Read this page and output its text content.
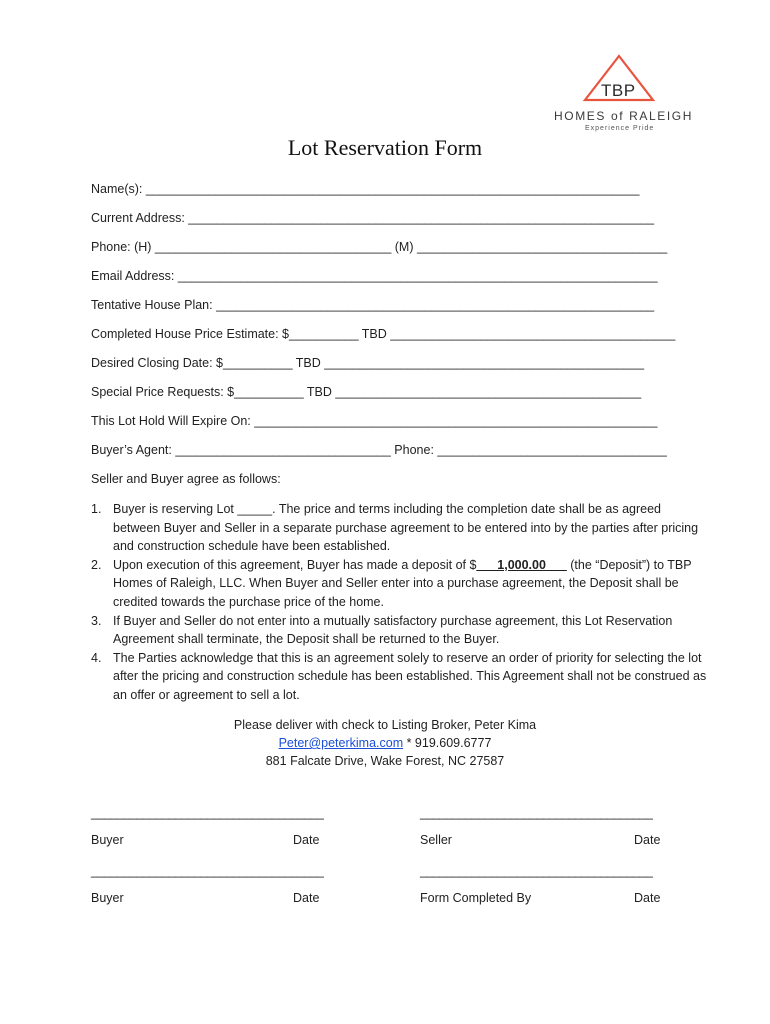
TBP
HOMES of RALEIGH
Experience Pride
Lot Reservation Form
Name(s): _______________________________________________________________________
Current Address: ___________________________________________________________________
Phone: (H) __________________________________ (M) ____________________________________
Email Address: _____________________________________________________________________
Tentative House Plan: _______________________________________________________________
Completed House Price Estimate: $__________ TBD _________________________________________
Desired Closing Date: $__________ TBD ______________________________________________
Special Price Requests: $__________ TBD ____________________________________________
This Lot Hold Will Expire On: __________________________________________________________
Buyer’s Agent: _______________________________ Phone: _________________________________
Seller and Buyer agree as follows:
1. Buyer is reserving Lot _____. The price and terms including the completion date shall be as agreed between Buyer and Seller in a separate purchase agreement to be entered into by the parties after pricing and construction schedule have been established.
2. Upon execution of this agreement, Buyer has made a deposit of $___1,000.00___ (the “Deposit”) to TBP Homes of Raleigh, LLC. When Buyer and Seller enter into a purchase agreement, the Deposit shall be credited towards the purchase price of the home.
3. If Buyer and Seller do not enter into a mutually satisfactory purchase agreement, this Lot Reservation Agreement shall terminate, the Deposit shall be returned to the Buyer.
4. The Parties acknowledge that this is an agreement solely to reserve an order of priority for selecting the lot after the pricing and construction schedule has been established. This Agreement shall not be construed as an offer or agreement to sell a lot.
Please deliver with check to Listing Broker, Peter Kima
Peter@peterkima.com * 919.609.6777
881 Falcate Drive, Wake Forest, NC 27587
____________________________________	____________________________________
Buyer	Date	Seller	Date
____________________________________	____________________________________
Buyer	Date	Form Completed By	Date
